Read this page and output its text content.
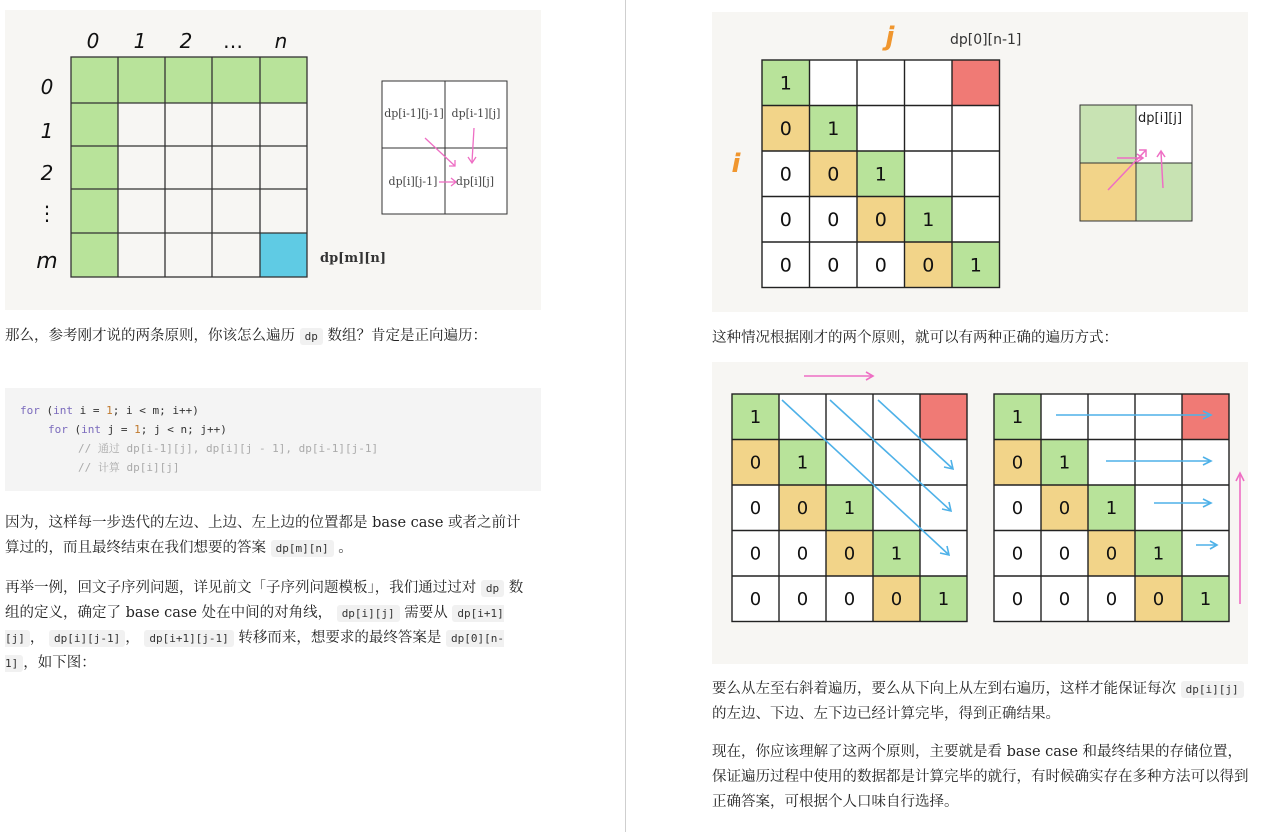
0 1 2 … n
0
1
2
⋮
m	dp[m][n]
dp[i-1][j-1] dp[i-1][j]
dp[i][j-1] dp[i][j]
那么，参考刚才说的两条原则，你该怎么遍历 dp 数组？肯定是正向遍历：
for (int i = 1; i < m; i++)
for (int j = 1; j < n; j++)
// 通过 dp[i-1][j], dp[i][j - 1], dp[i-1][j-1]
// 计算 dp[i][j]
因为，这样每一步迭代的左边、上边、左上边的位置都是 base case 或者之前计算过的，而且最终结束在我们想要的答案 dp[m][n] 。
再举一例，回文子序列问题，详见前文「子序列问题模板」，我们通过过对 dp 数组的定义，确定了 base case 处在中间的对角线， dp[i][j] 需要从 dp[i+1][j] ， dp[i][j-1] ， dp[i+1][j-1] 转移而来，想要求的最终答案是 dp[0][n-1] ，如下图：
j
i
dp[0][n-1]
1
0 1
0 0 1
0 0 0 1
0 0 0 0 1
dp[i][j]
这种情况根据刚才的两个原则，就可以有两种正确的遍历方式：
1
0 1
0 0 1
0 0 0 1
0 0 0 0 1
1
0 1
0 0 1
0 0 0 1
0 0 0 0 1
要么从左至右斜着遍历，要么从下向上从左到右遍历，这样才能保证每次 dp[i][j] 的左边、下边、左下边已经计算完毕，得到正确结果。
现在，你应该理解了这两个原则，主要就是看 base case 和最终结果的存储位置，保证遍历过程中使用的数据都是计算完毕的就行，有时候确实存在多种方法可以得到正确答案，可根据个人口味自行选择。
